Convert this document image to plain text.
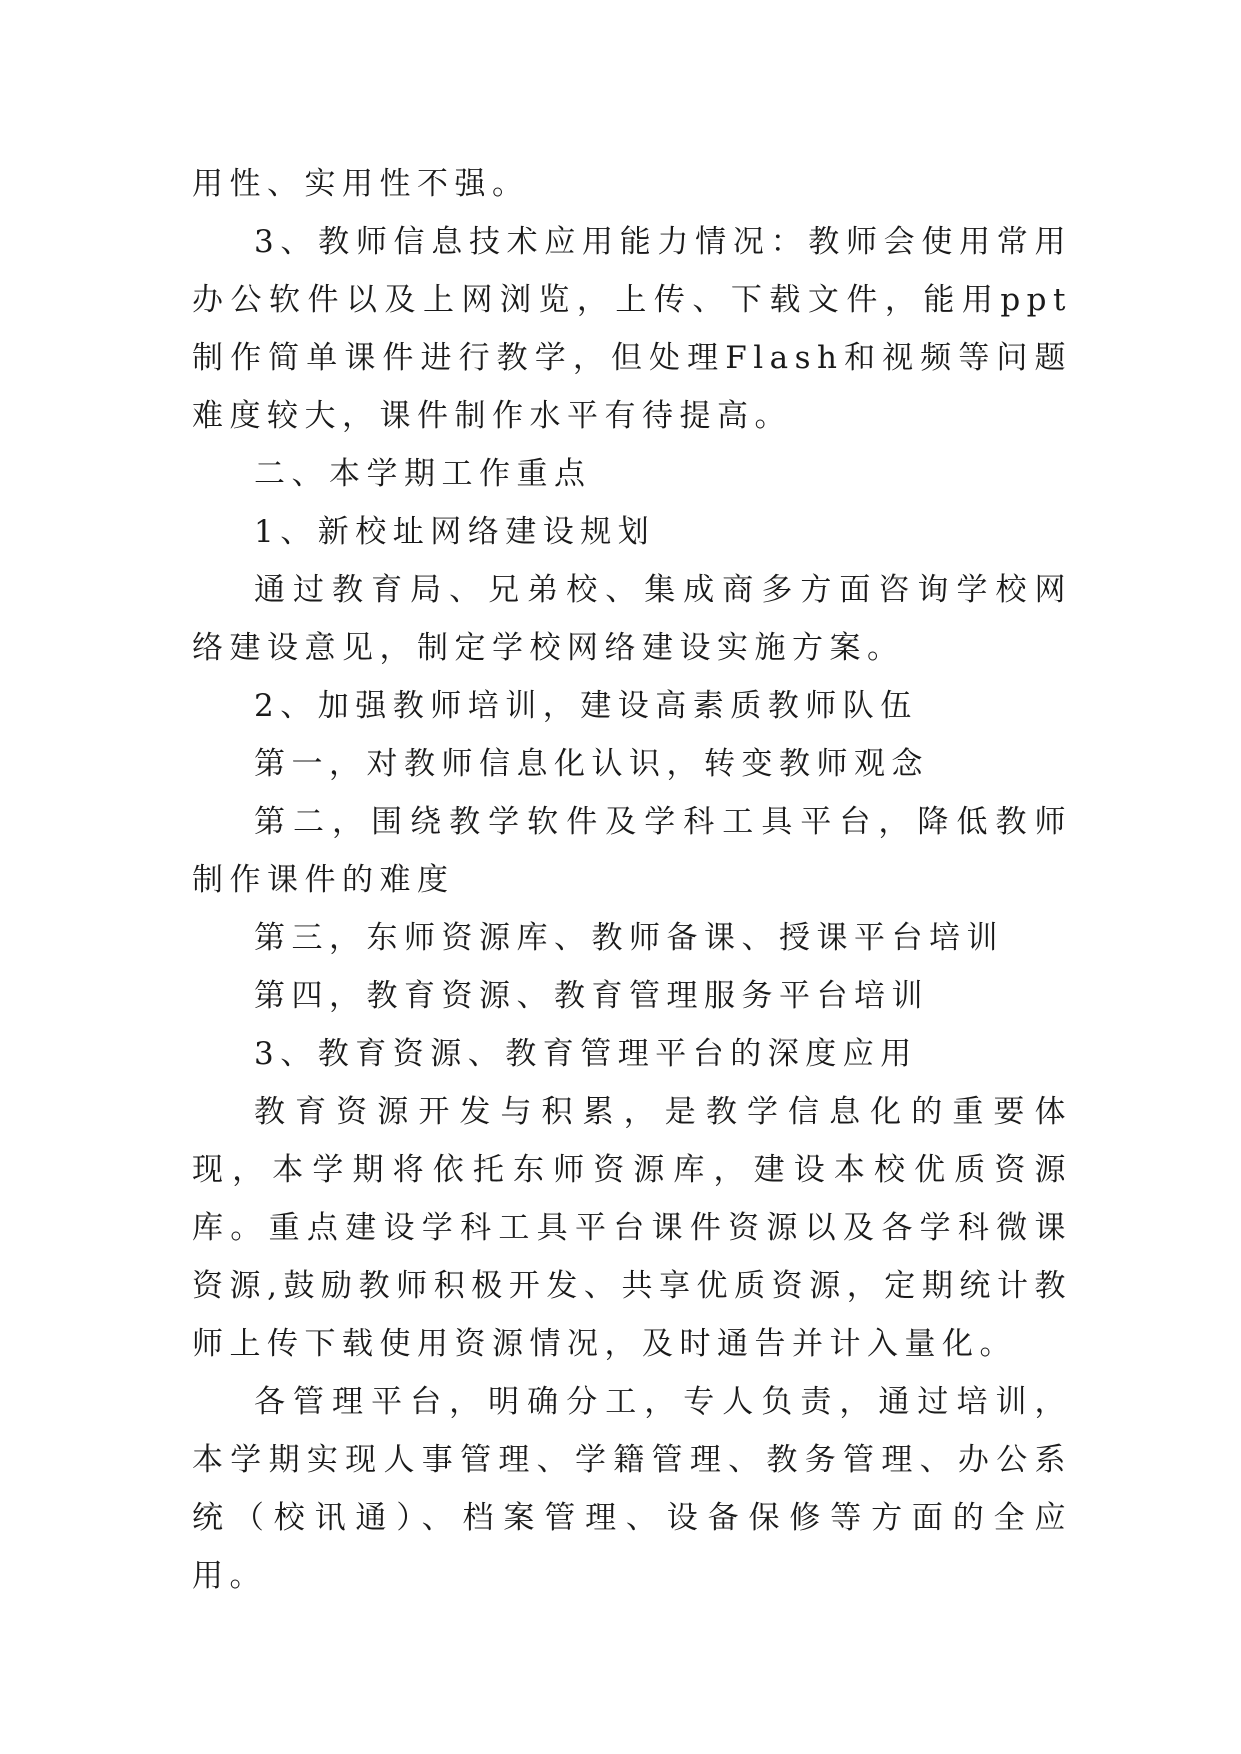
用性、实用性不强。

3、教师信息技术应用能力情况：教师会使用常用办公软件以及上网浏览，上传、下载文件，能用ppt制作简单课件进行教学，但处理Flash和视频等问题难度较大，课件制作水平有待提高。

二、本学期工作重点

1、新校址网络建设规划

通过教育局、兄弟校、集成商多方面咨询学校网络建设意见，制定学校网络建设实施方案。

2、加强教师培训，建设高素质教师队伍

第一，对教师信息化认识，转变教师观念

第二，围绕教学软件及学科工具平台，降低教师制作课件的难度

第三，东师资源库、教师备课、授课平台培训

第四，教育资源、教育管理服务平台培训

3、教育资源、教育管理平台的深度应用

教育资源开发与积累，是教学信息化的重要体现，本学期将依托东师资源库，建设本校优质资源库。重点建设学科工具平台课件资源以及各学科微课资源,鼓励教师积极开发、共享优质资源，定期统计教师上传下载使用资源情况，及时通告并计入量化。

各管理平台，明确分工，专人负责，通过培训，本学期实现人事管理、学籍管理、教务管理、办公系统（校讯通）、档案管理、设备保修等方面的全应用。
